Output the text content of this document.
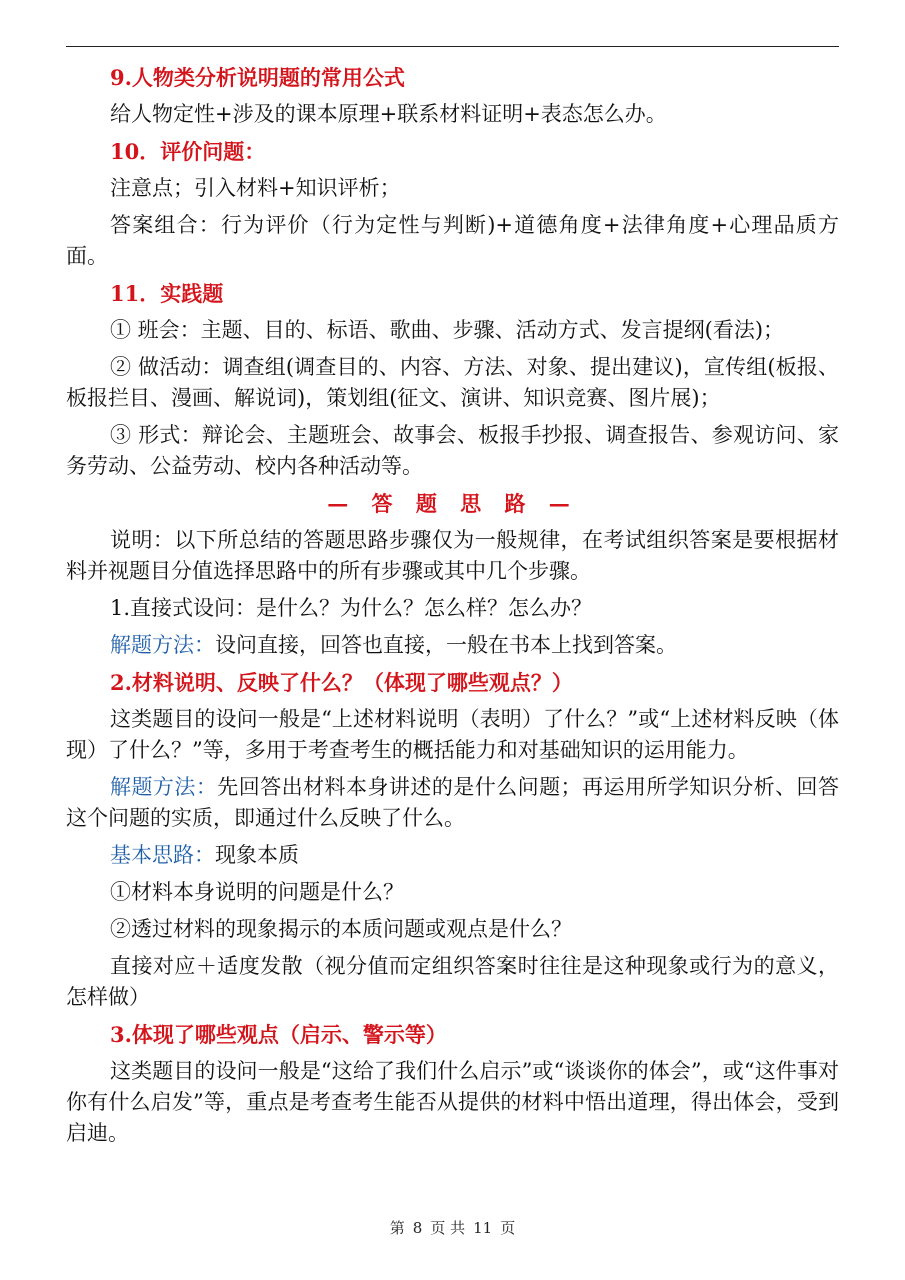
9.人物类分析说明题的常用公式

给人物定性+涉及的课本原理+联系材料证明+表态怎么办。

10．评价问题：

注意点；引入材料+知识评析；

答案组合：行为评价（行为定性与判断)+道德角度+法律角度+心理品质方面。

11．实践题

① 班会：主题、目的、标语、歌曲、步骤、活动方式、发言提纲(看法)；

② 做活动：调查组(调查目的、内容、方法、对象、提出建议)，宣传组(板报、板报拦目、漫画、解说词)，策划组(征文、演讲、知识竞赛、图片展)；

③ 形式：辩论会、主题班会、故事会、板报手抄报、调查报告、参观访问、家务劳动、公益劳动、校内各种活动等。

— 答 题 思 路 —

说明：以下所总结的答题思路步骤仅为一般规律，在考试组织答案是要根据材料并视题目分值选择思路中的所有步骤或其中几个步骤。

1.直接式设问：是什么？为什么？怎么样？怎么办？

解题方法：设问直接，回答也直接，一般在书本上找到答案。

2.材料说明、反映了什么？（体现了哪些观点？）

这类题目的设问一般是“上述材料说明（表明）了什么？”或“上述材料反映（体现）了什么？”等，多用于考查考生的概括能力和对基础知识的运用能力。

解题方法：先回答出材料本身讲述的是什么问题；再运用所学知识分析、回答这个问题的实质，即通过什么反映了什么。

基本思路：现象本质

①材料本身说明的问题是什么？

②透过材料的现象揭示的本质问题或观点是什么？

直接对应＋适度发散（视分值而定组织答案时往往是这种现象或行为的意义，怎样做）

3.体现了哪些观点（启示、警示等）

这类题目的设问一般是“这给了我们什么启示”或“谈谈你的体会”，或“这件事对你有什么启发”等，重点是考查考生能否从提供的材料中悟出道理，得出体会，受到启迪。

第 8 页 共 11 页
